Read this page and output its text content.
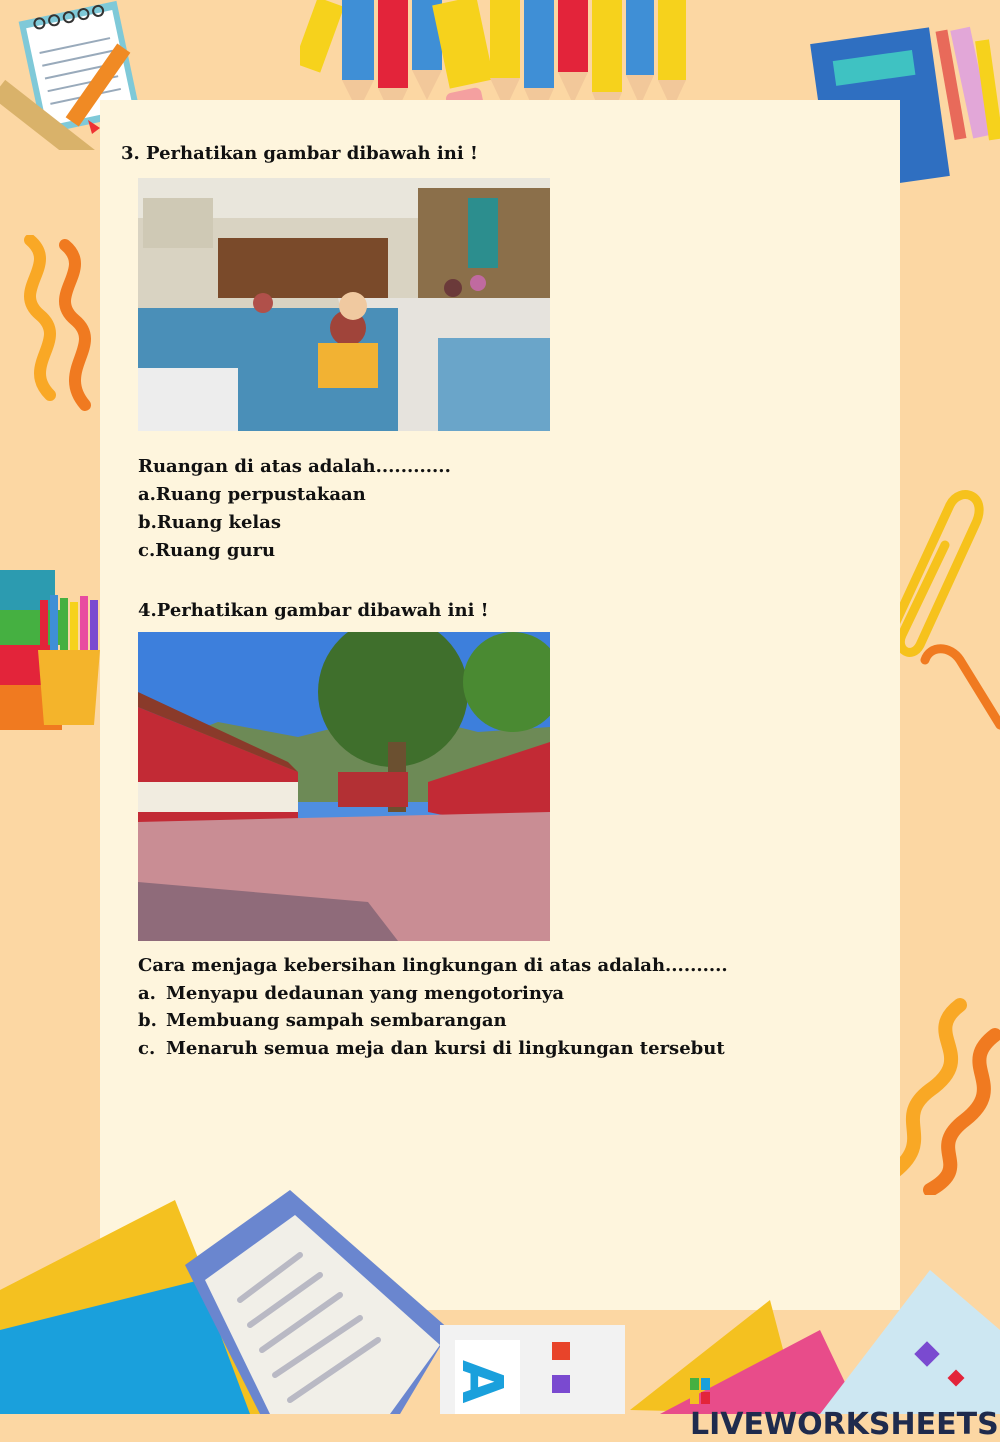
3. Perhatikan gambar dibawah ini !
Ruangan di atas adalah............
a.Ruang perpustakaan
b.Ruang kelas
c.Ruang guru
4.Perhatikan gambar dibawah ini !
Cara menjaga kebersihan lingkungan di atas adalah..........
a. Menyapu dedaunan yang mengotorinya
b. Membuang sampah sembarangan
c. Menaruh semua meja dan kursi di lingkungan tersebut
A
LIVEWORKSHEETS
